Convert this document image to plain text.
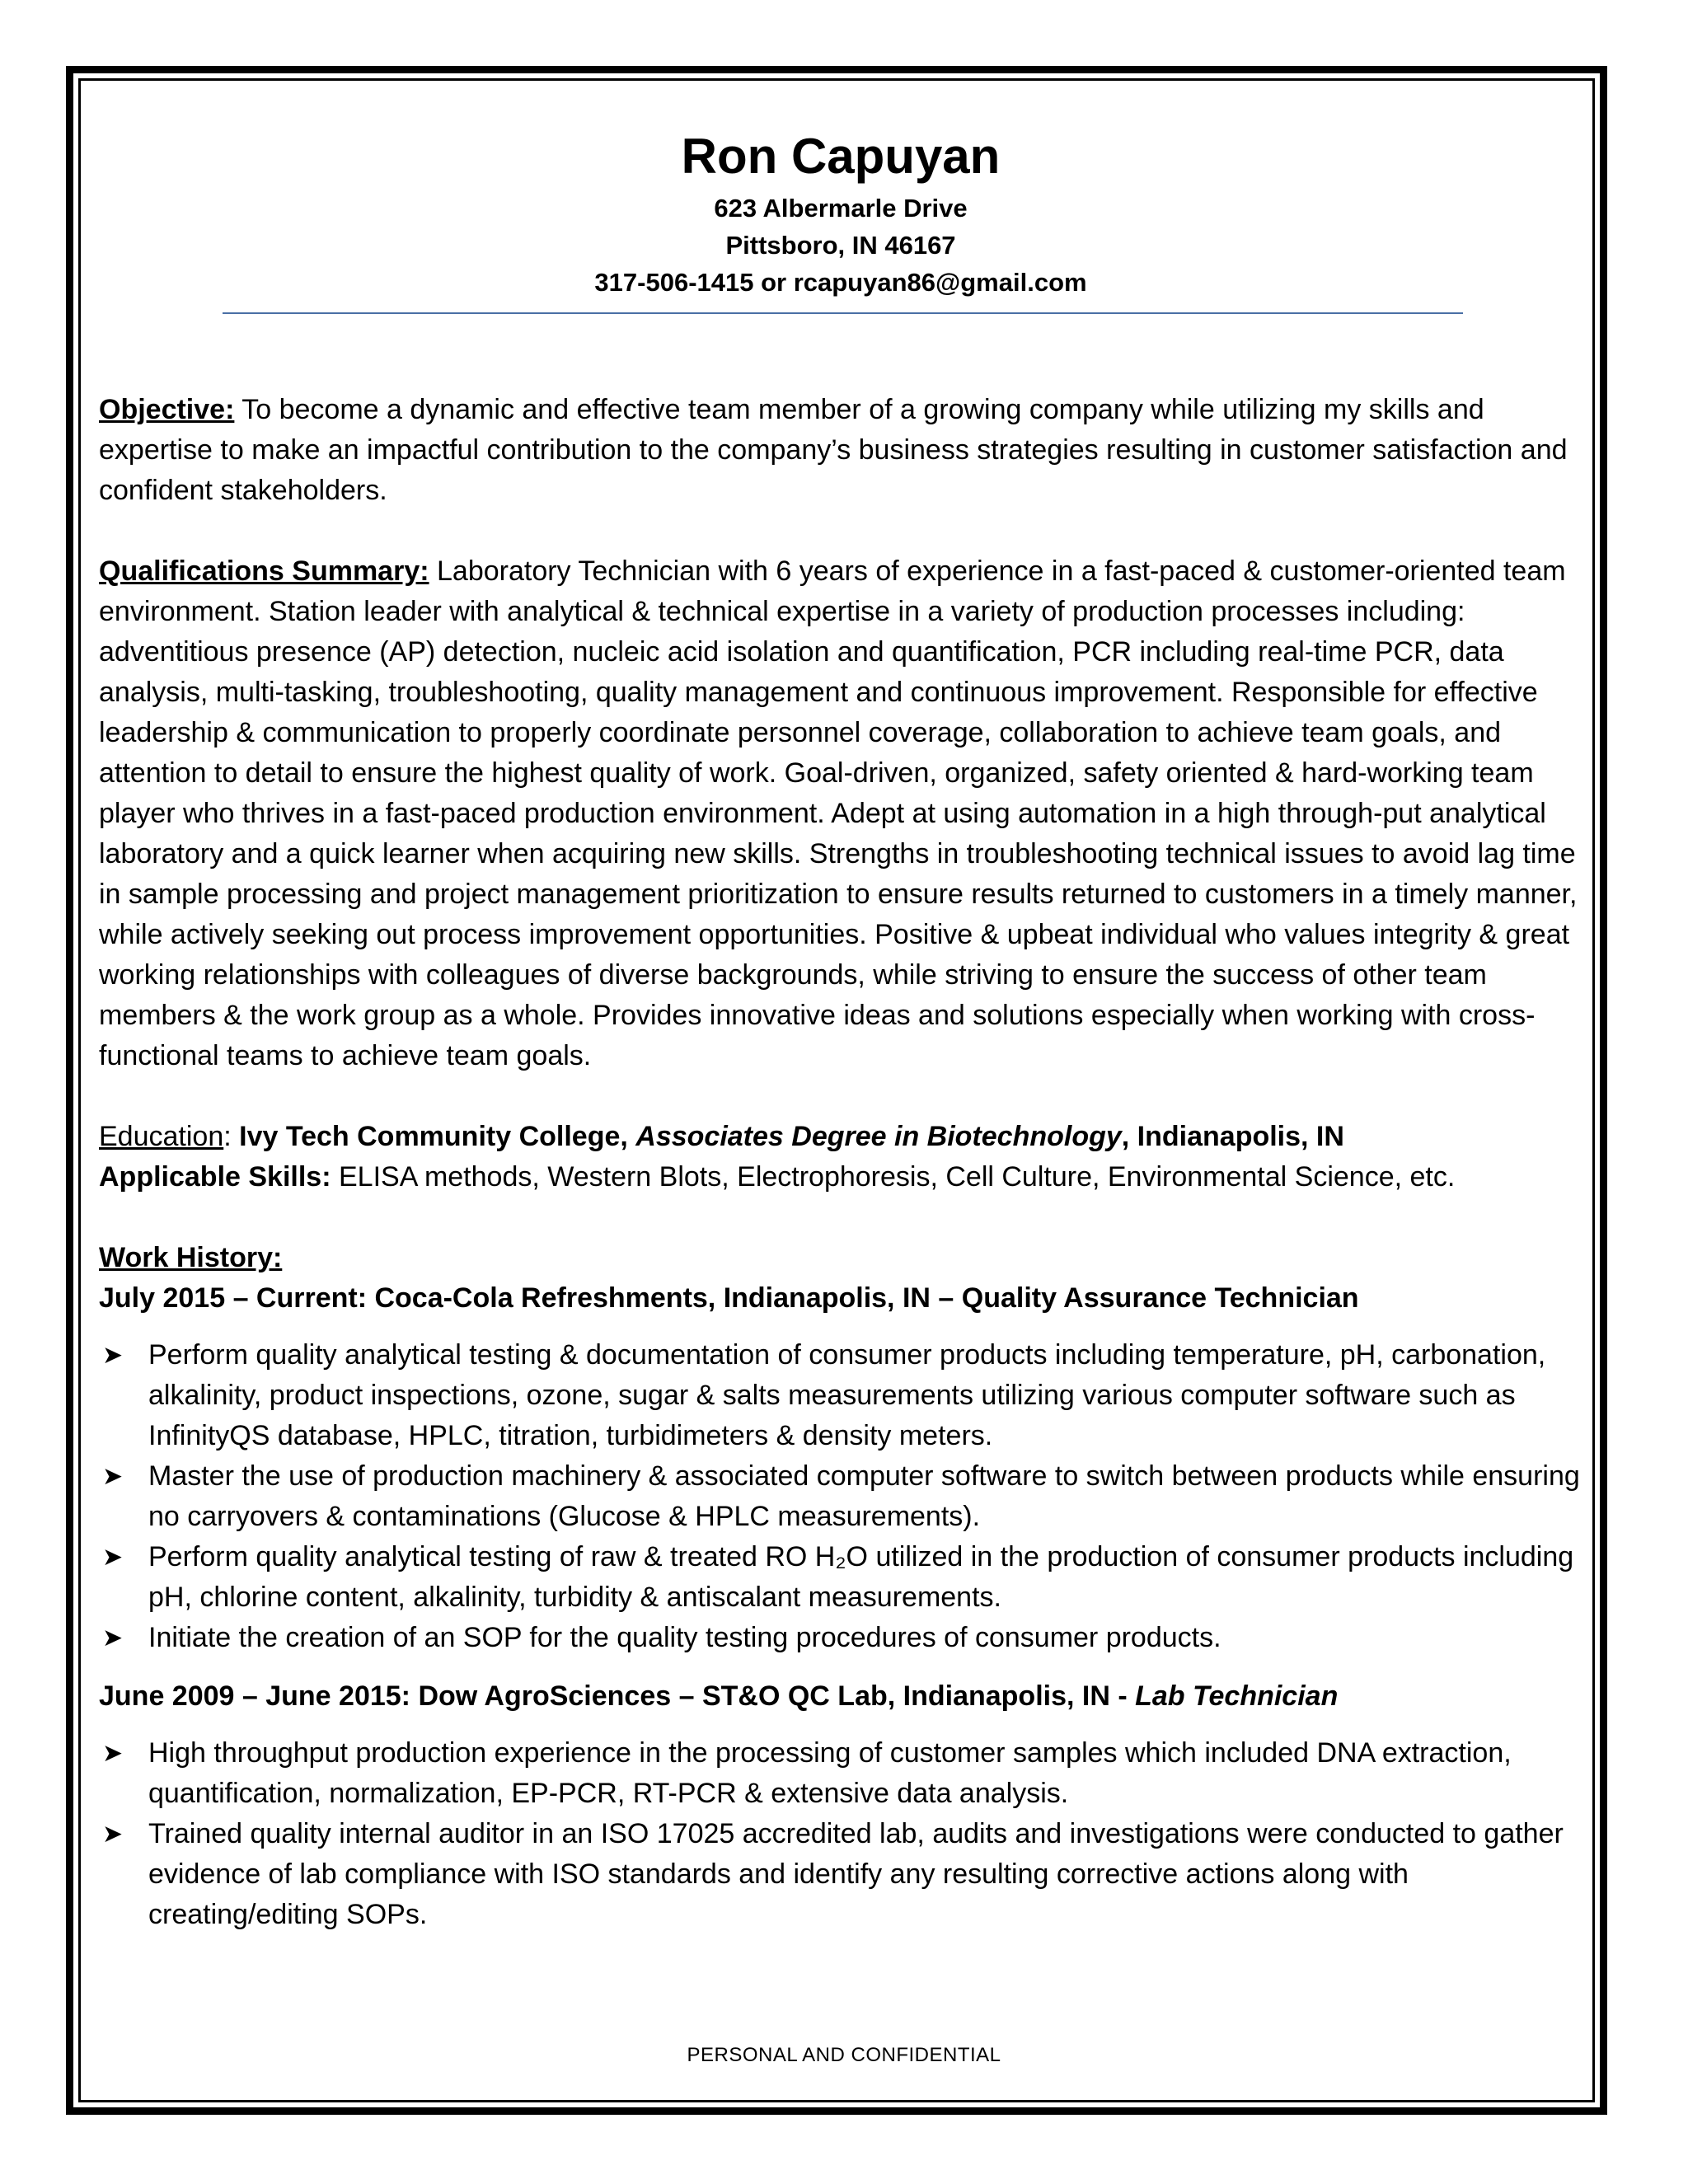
Ron Capuyan
623 Albermarle Drive
Pittsboro, IN 46167
317-506-1415 or rcapuyan86@gmail.com

Objective: To become a dynamic and effective team member of a growing company while utilizing my skills and expertise to make an impactful contribution to the company’s business strategies resulting in customer satisfaction and confident stakeholders.

Qualifications Summary: Laboratory Technician with 6 years of experience in a fast-paced & customer-oriented team environment. Station leader with analytical & technical expertise in a variety of production processes including: adventitious presence (AP) detection, nucleic acid isolation and quantification, PCR including real-time PCR, data analysis, multi-tasking, troubleshooting, quality management and continuous improvement. Responsible for effective leadership & communication to properly coordinate personnel coverage, collaboration to achieve team goals, and attention to detail to ensure the highest quality of work. Goal-driven, organized, safety oriented & hard-working team player who thrives in a fast-paced production environment. Adept at using automation in a high through-put analytical laboratory and a quick learner when acquiring new skills. Strengths in troubleshooting technical issues to avoid lag time in sample processing and project management prioritization to ensure results returned to customers in a timely manner, while actively seeking out process improvement opportunities. Positive & upbeat individual who values integrity & great working relationships with colleagues of diverse backgrounds, while striving to ensure the success of other team members & the work group as a whole. Provides innovative ideas and solutions especially when working with cross-functional teams to achieve team goals.

Education: Ivy Tech Community College, Associates Degree in Biotechnology, Indianapolis, IN

Applicable Skills: ELISA methods, Western Blots, Electrophoresis, Cell Culture, Environmental Science, etc.

Work History:

July 2015 – Current: Coca-Cola Refreshments, Indianapolis, IN – Quality Assurance Technician

➤ Perform quality analytical testing & documentation of consumer products including temperature, pH, carbonation, alkalinity, product inspections, ozone, sugar & salts measurements utilizing various computer software such as InfinityQS database, HPLC, titration, turbidimeters & density meters.
➤ Master the use of production machinery & associated computer software to switch between products while ensuring no carryovers & contaminations (Glucose & HPLC measurements).
➤ Perform quality analytical testing of raw & treated RO H₂O utilized in the production of consumer products including pH, chlorine content, alkalinity, turbidity & antiscalant measurements.
➤ Initiate the creation of an SOP for the quality testing procedures of consumer products.

June 2009 – June 2015: Dow AgroSciences – ST&O QC Lab, Indianapolis, IN - Lab Technician

➤ High throughput production experience in the processing of customer samples which included DNA extraction, quantification, normalization, EP-PCR, RT-PCR & extensive data analysis.
➤ Trained quality internal auditor in an ISO 17025 accredited lab, audits and investigations were conducted to gather evidence of lab compliance with ISO standards and identify any resulting corrective actions along with creating/editing SOPs.
PERSONAL AND CONFIDENTIAL
